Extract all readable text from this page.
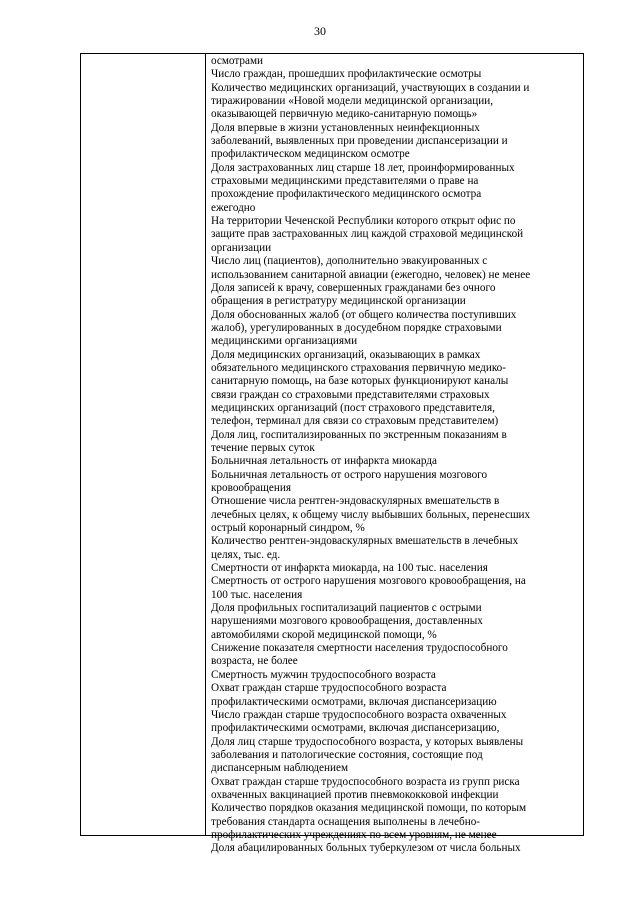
30
осмотрами
Число граждан, прошедших профилактические осмотры
Количество медицинских организаций, участвующих в создании и
тиражировании «Новой модели медицинской организации,
оказывающей первичную медико-санитарную помощь»
Доля впервые в жизни установленных неинфекционных
заболеваний, выявленных при проведении диспансеризации и
профилактическом медицинском осмотре
Доля застрахованных лиц старше 18 лет, проинформированных
страховыми медицинскими представителями о праве на
прохождение профилактического медицинского осмотра
ежегодно
На территории Чеченской Республики которого открыт офис по
защите прав застрахованных лиц каждой страховой медицинской
организации
Число лиц (пациентов), дополнительно эвакуированных с
использованием санитарной авиации (ежегодно, человек) не менее
Доля записей к врачу, совершенных гражданами без очного
обращения в регистратуру медицинской организации
Доля обоснованных жалоб (от общего количества поступивших
жалоб), урегулированных в досудебном порядке страховыми
медицинскими организациями
Доля медицинских организаций, оказывающих в рамках
обязательного медицинского страхования первичную медико-
санитарную помощь, на базе которых функционируют каналы
связи граждан со страховыми представителями страховых
медицинских организаций (пост страхового представителя,
телефон, терминал для связи со страховым представителем)
Доля лиц, госпитализированных по экстренным показаниям в
течение первых суток
Больничная летальность от инфаркта миокарда
Больничная летальность от острого нарушения мозгового
кровообращения
Отношение числа рентген-эндоваскулярных вмешательств в
лечебных целях, к общему числу выбывших больных, перенесших
острый коронарный синдром, %
Количество рентген-эндоваскулярных вмешательств в лечебных
целях, тыс. ед.
Смертности от инфаркта миокарда, на 100 тыс. населения
Смертность от острого нарушения мозгового кровообращения, на
100 тыс. населения
Доля профильных госпитализаций пациентов с острыми
нарушениями мозгового кровообращения, доставленных
автомобилями скорой медицинской помощи, %
Снижение показателя смертности населения трудоспособного
возраста, не более
Смертность мужчин трудоспособного возраста
Охват граждан старше трудоспособного возраста
профилактическими осмотрами, включая диспансеризацию
Число граждан старше трудоспособного возраста охваченных
профилактическими осмотрами, включая диспансеризацию,
Доля лиц старше трудоспособного возраста, у которых выявлены
заболевания и патологические состояния, состоящие под
диспансерным наблюдением
Охват граждан старше трудоспособного возраста из групп риска
охваченных вакцинацией против пневмококковой инфекции
Количество порядков оказания медицинской помощи, по которым
требования стандарта оснащения выполнены в лечебно-
профилактических учреждениях по всем уровням, не менее
Доля абацилированных больных туберкулезом от числа больных
